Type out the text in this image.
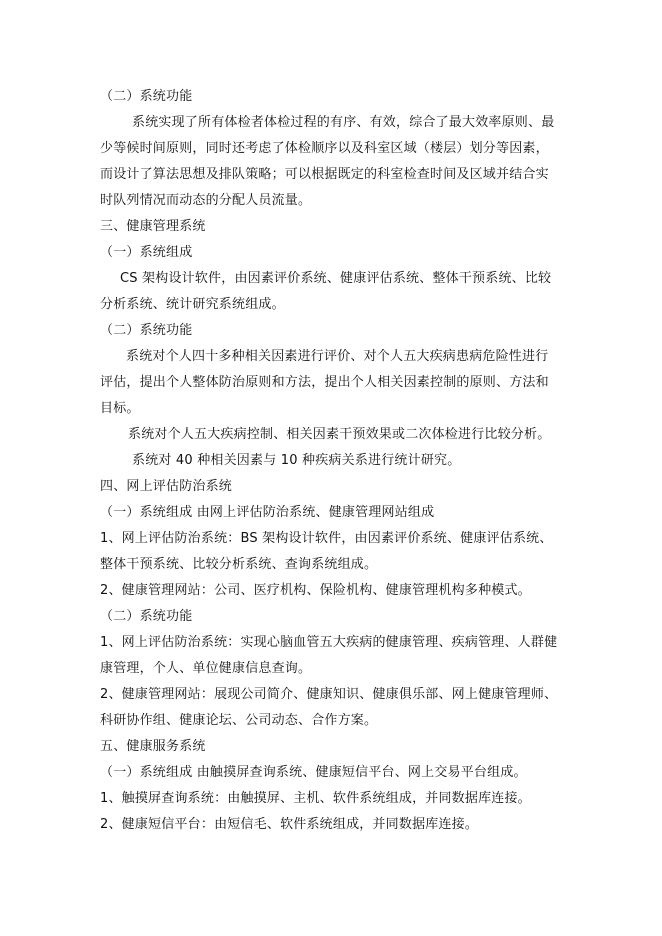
（二）系统功能
系统实现了所有体检者体检过程的有序、有效，综合了最大效率原则、最
少等候时间原则，同时还考虑了体检顺序以及科室区域（楼层）划分等因素，
而设计了算法思想及排队策略；可以根据既定的科室检查时间及区域并结合实
时队列情况而动态的分配人员流量。
三、健康管理系统
（一）系统组成
CS 架构设计软件，由因素评价系统、健康评估系统、整体干预系统、比较
分析系统、统计研究系统组成。
（二）系统功能
系统对个人四十多种相关因素进行评价、对个人五大疾病患病危险性进行
评估，提出个人整体防治原则和方法，提出个人相关因素控制的原则、方法和
目标。
系统对个人五大疾病控制、相关因素干预效果或二次体检进行比较分析。
系统对 40 种相关因素与 10 种疾病关系进行统计研究。
四、网上评估防治系统
（一）系统组成 由网上评估防治系统、健康管理网站组成
1、网上评估防治系统：BS 架构设计软件，由因素评价系统、健康评估系统、
整体干预系统、比较分析系统、查询系统组成。
2、健康管理网站：公司、医疗机构、保险机构、健康管理机构多种模式。
（二）系统功能
1、网上评估防治系统：实现心脑血管五大疾病的健康管理、疾病管理、人群健
康管理，个人、单位健康信息查询。
2、健康管理网站：展现公司简介、健康知识、健康俱乐部、网上健康管理师、
科研协作组、健康论坛、公司动态、合作方案。
五、健康服务系统
（一）系统组成 由触摸屏查询系统、健康短信平台、网上交易平台组成。
1、触摸屏查询系统：由触摸屏、主机、软件系统组成，并同数据库连接。
2、健康短信平台：由短信毛、软件系统组成，并同数据库连接。
